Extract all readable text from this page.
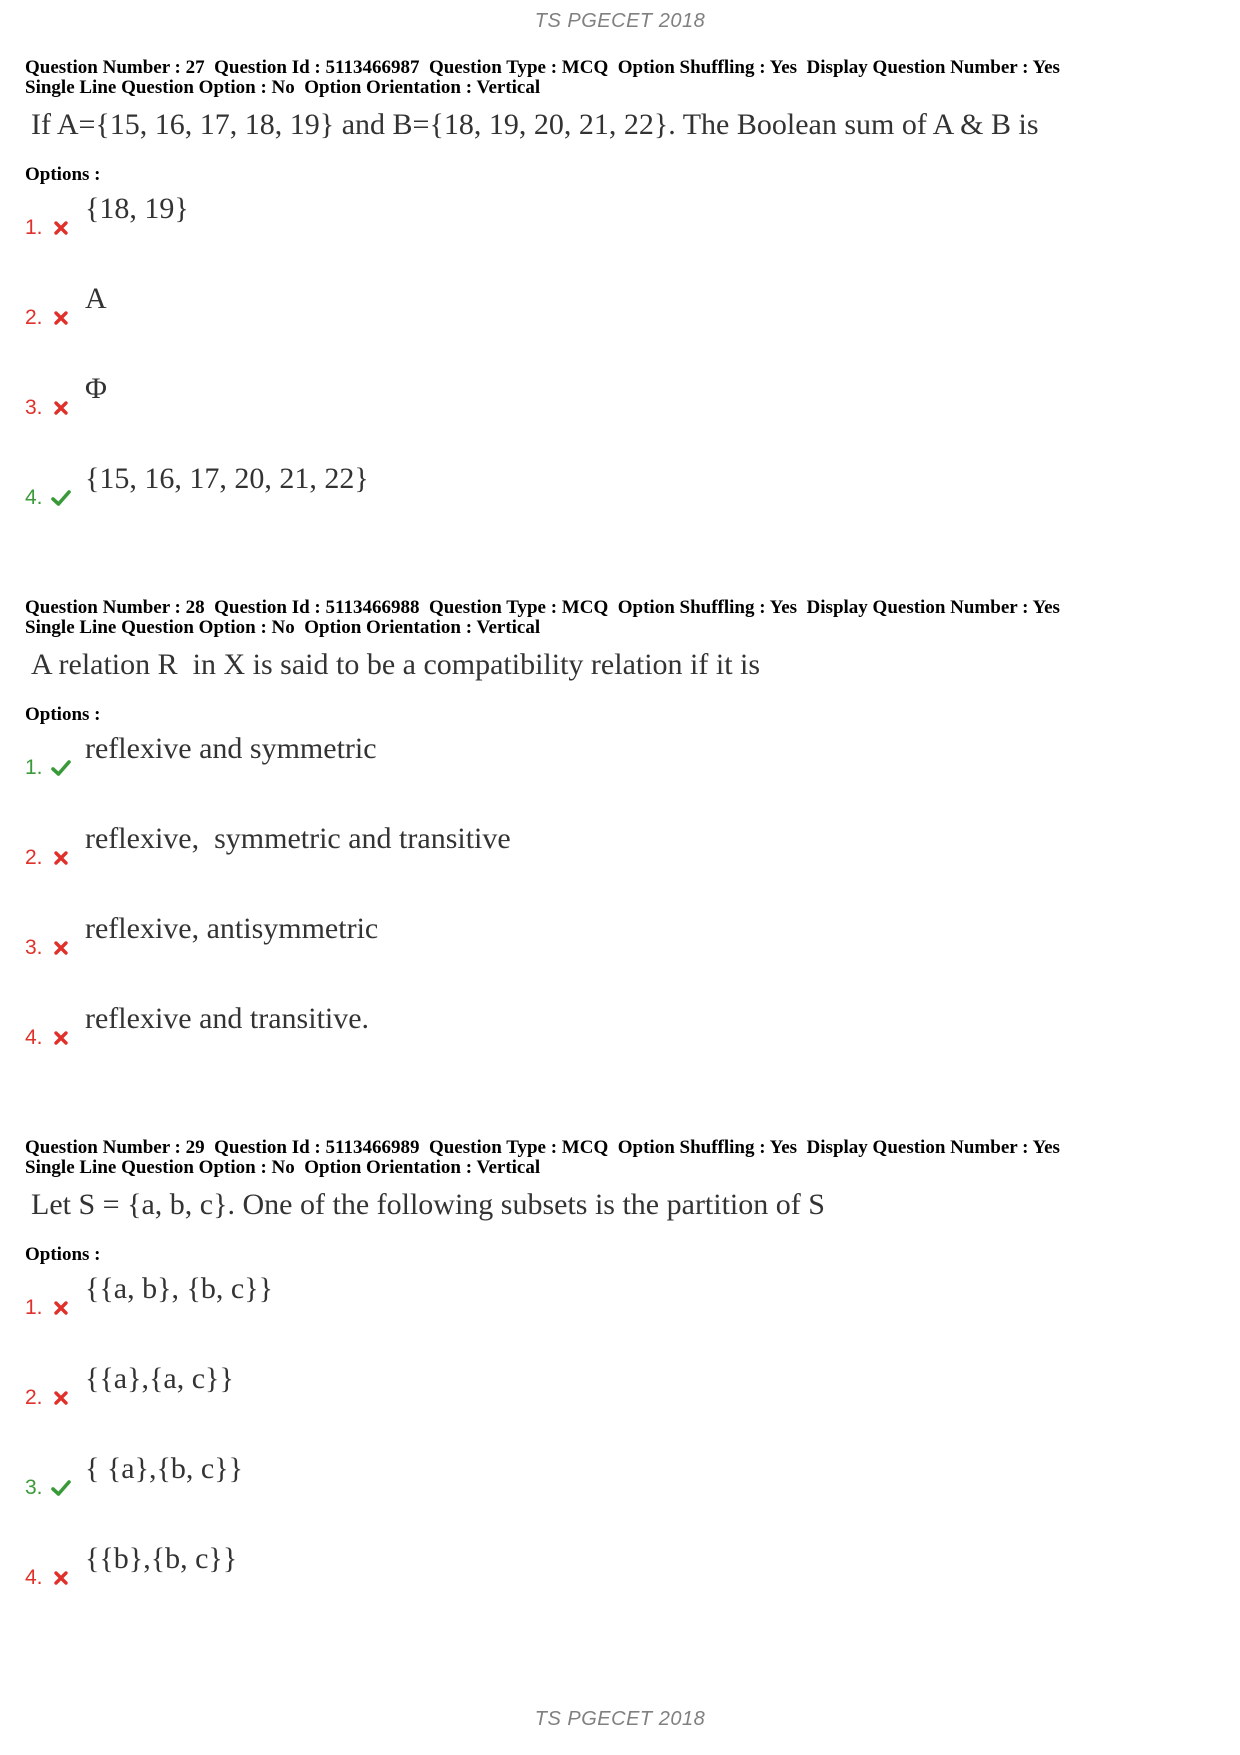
TS PGECET 2018
Question Number : 27  Question Id : 5113466987  Question Type : MCQ  Option Shuffling : Yes  Display Question Number : Yes
Single Line Question Option : No  Option Orientation : Vertical
If A={15, 16, 17, 18, 19} and B={18, 19, 20, 21, 22}. The Boolean sum of A & B is
Options :
1.
{18, 19}
2.
A
3.
Φ
4.
{15, 16, 17, 20, 21, 22}
Question Number : 28  Question Id : 5113466988  Question Type : MCQ  Option Shuffling : Yes  Display Question Number : Yes
Single Line Question Option : No  Option Orientation : Vertical
A relation R  in X is said to be a compatibility relation if it is
Options :
1.
reflexive and symmetric
2.
reflexive,  symmetric and transitive
3.
reflexive, antisymmetric
4.
reflexive and transitive.
Question Number : 29  Question Id : 5113466989  Question Type : MCQ  Option Shuffling : Yes  Display Question Number : Yes
Single Line Question Option : No  Option Orientation : Vertical
Let S = {a, b, c}. One of the following subsets is the partition of S
Options :
1.
{{a, b}, {b, c}}
2.
{{a},{a, c}}
3.
{ {a},{b, c}}
4.
{{b},{b, c}}
TS PGECET 2018
